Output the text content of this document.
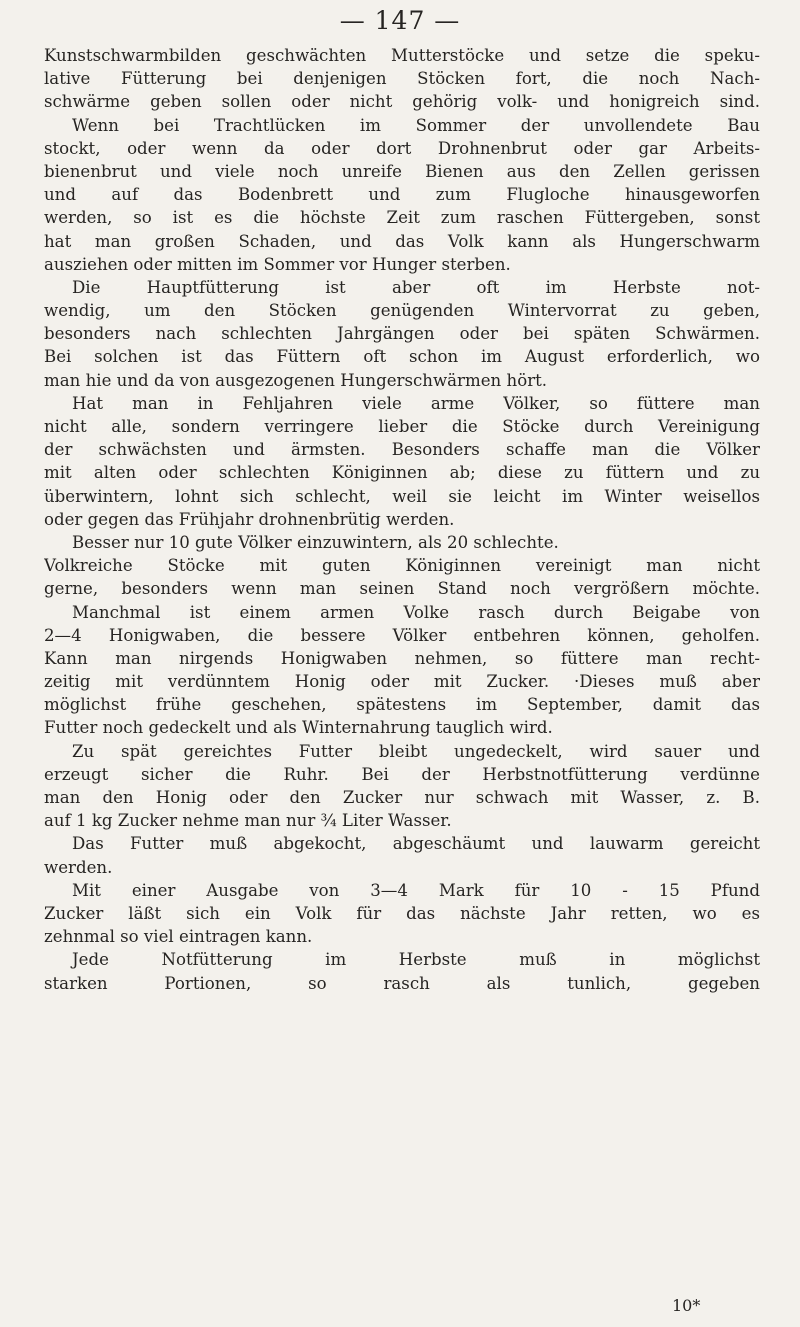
— 147 —
Kunstschwarmbilden geschwächten Mutterstöcke und setze die speku-
lative Fütterung bei denjenigen Stöcken fort, die noch Nach-
schwärme geben sollen oder nicht gehörig volk- und honigreich sind.
Wenn bei Trachtlücken im Sommer der unvollendete Bau
stockt, oder wenn da oder dort Drohnenbrut oder gar Arbeits-
bienenbrut und viele noch unreife Bienen aus den Zellen gerissen
und auf das Bodenbrett und zum Flugloche hinausgeworfen
werden, so ist es die höchste Zeit zum raschen Füttergeben, sonst
hat man großen Schaden, und das Volk kann als Hungerschwarm
ausziehen oder mitten im Sommer vor Hunger sterben.
Die Hauptfütterung ist aber oft im Herbste not-
wendig, um den Stöcken genügenden Wintervorrat zu geben,
besonders nach schlechten Jahrgängen oder bei späten Schwärmen.
Bei solchen ist das Füttern oft schon im August erforderlich, wo
man hie und da von ausgezogenen Hungerschwärmen hört.
Hat man in Fehljahren viele arme Völker, so füttere man
nicht alle, sondern verringere lieber die Stöcke durch Vereinigung
der schwächsten und ärmsten. Besonders schaffe man die Völker
mit alten oder schlechten Königinnen ab; diese zu füttern und zu
überwintern, lohnt sich schlecht, weil sie leicht im Winter weisellos
oder gegen das Frühjahr drohnenbrütig werden.
Besser nur 10 gute Völker einzuwintern, als 20 schlechte.
Volkreiche Stöcke mit guten Königinnen vereinigt man nicht
gerne, besonders wenn man seinen Stand noch vergrößern möchte.
Manchmal ist einem armen Volke rasch durch Beigabe von
2—4 Honigwaben, die bessere Völker entbehren können, geholfen.
Kann man nirgends Honigwaben nehmen, so füttere man recht-
zeitig mit verdünntem Honig oder mit Zucker. ·Dieses muß aber
möglichst frühe geschehen, spätestens im September, damit das
Futter noch gedeckelt und als Winternahrung tauglich wird.
Zu spät gereichtes Futter bleibt ungedeckelt, wird sauer und
erzeugt sicher die Ruhr. Bei der Herbstnotfütterung verdünne
man den Honig oder den Zucker nur schwach mit Wasser, z. B.
auf 1 kg Zucker nehme man nur ¾ Liter Wasser.
Das Futter muß abgekocht, abgeschäumt und lauwarm gereicht
werden.
Mit einer Ausgabe von 3—4 Mark für 10 - 15 Pfund
Zucker läßt sich ein Volk für das nächste Jahr retten, wo es
zehnmal so viel eintragen kann.
Jede Notfütterung im Herbste muß in möglichst
starken Portionen, so rasch als tunlich, gegeben
10*
